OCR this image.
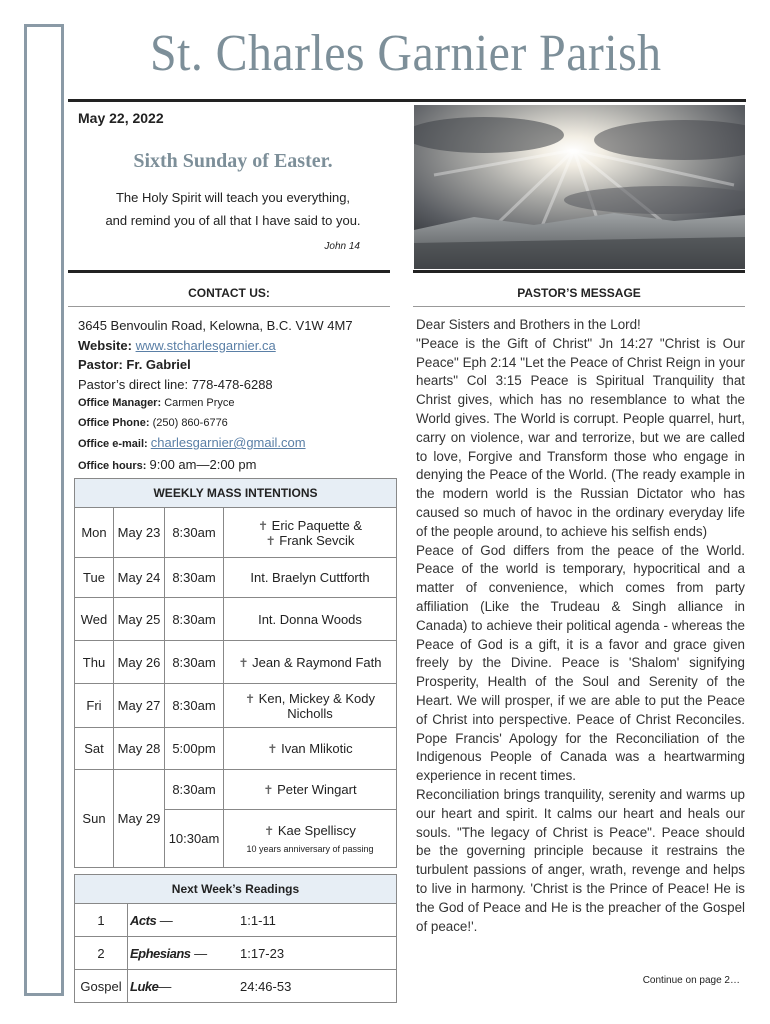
St. Charles Garnier Parish
May 22, 2022
Sixth Sunday of Easter.
The Holy Spirit will teach you everything,
and remind you of all that I have said to you.
John 14
CONTACT US:	PASTOR’S MESSAGE
3645 Benvoulin Road, Kelowna, B.C. V1W 4M7
Website: www.stcharlesgarnier.ca
Pastor: Fr. Gabriel
Pastor’s direct line: 778-478-6288
Office Manager: Carmen Pryce
Office Phone: (250) 860-6776
Office e-mail: charlesgarnier@gmail.com
Office hours: 9:00 am—2:00 pm
WEEKLY MASS INTENTIONS			
Mon	May 23	8:30am	✝ Eric Paquette &
✝ Frank Sevcik
Tue	May 24	8:30am	Int. Braelyn Cuttforth
Wed	May 25	8:30am	Int. Donna Woods
Thu	May 26	8:30am	✝ Jean & Raymond Fath
Fri	May 27	8:30am	✝ Ken, Mickey & Kody
Nicholls
Sat	May 28	5:00pm	✝ Ivan Mlikotic
Sun	May 29	8:30am	✝ Peter Wingart
		10:30am	✝ Kae Spelliscy
10 years anniversary of passing
Next Week’s Readings		
1	Acts —	1:1-11
2	Ephesians —	1:17-23
Gospel	Luke—	24:46-53

Dear Sisters and Brothers in the Lord!

"Peace is the Gift of Christ" Jn 14:27 "Christ is Our Peace" Eph 2:14 "Let the Peace of Christ Reign in your hearts" Col 3:15 Peace is Spiritual Tranquility that Christ gives, which has no resemblance to what the World gives. The World is corrupt. People quarrel, hurt, carry on violence, war and terrorize, but we are called to love, Forgive and Transform those who engage in denying the Peace of the World. (The ready example in the modern world is the Russian Dictator who has caused so much of havoc in the ordinary everyday life of the people around, to achieve his selfish ends)

Peace of God differs from the peace of the World. Peace of the world is temporary, hypocritical and a matter of convenience, which comes from party affiliation (Like the Trudeau & Singh alliance in Canada) to achieve their political agenda - whereas the Peace of God is a gift, it is a favor and grace given freely by the Divine. Peace is 'Shalom' signifying Prosperity, Health of the Soul and Serenity of the Heart. We will prosper, if we are able to put the Peace of Christ into perspective. Peace of Christ Reconciles. Pope Francis' Apology for the Reconciliation of the Indigenous People of Canada was a heartwarming experience in recent times.

Reconciliation brings tranquility, serenity and warms up our heart and spirit. It calms our heart and heals our souls. "The legacy of Christ is Peace". Peace should be the governing principle because it restrains the turbulent passions of anger, wrath, revenge and helps to live in harmony. 'Christ is the Prince of Peace! He is the God of Peace and He is the preacher of the Gospel of peace!'.

Continue on page 2…
